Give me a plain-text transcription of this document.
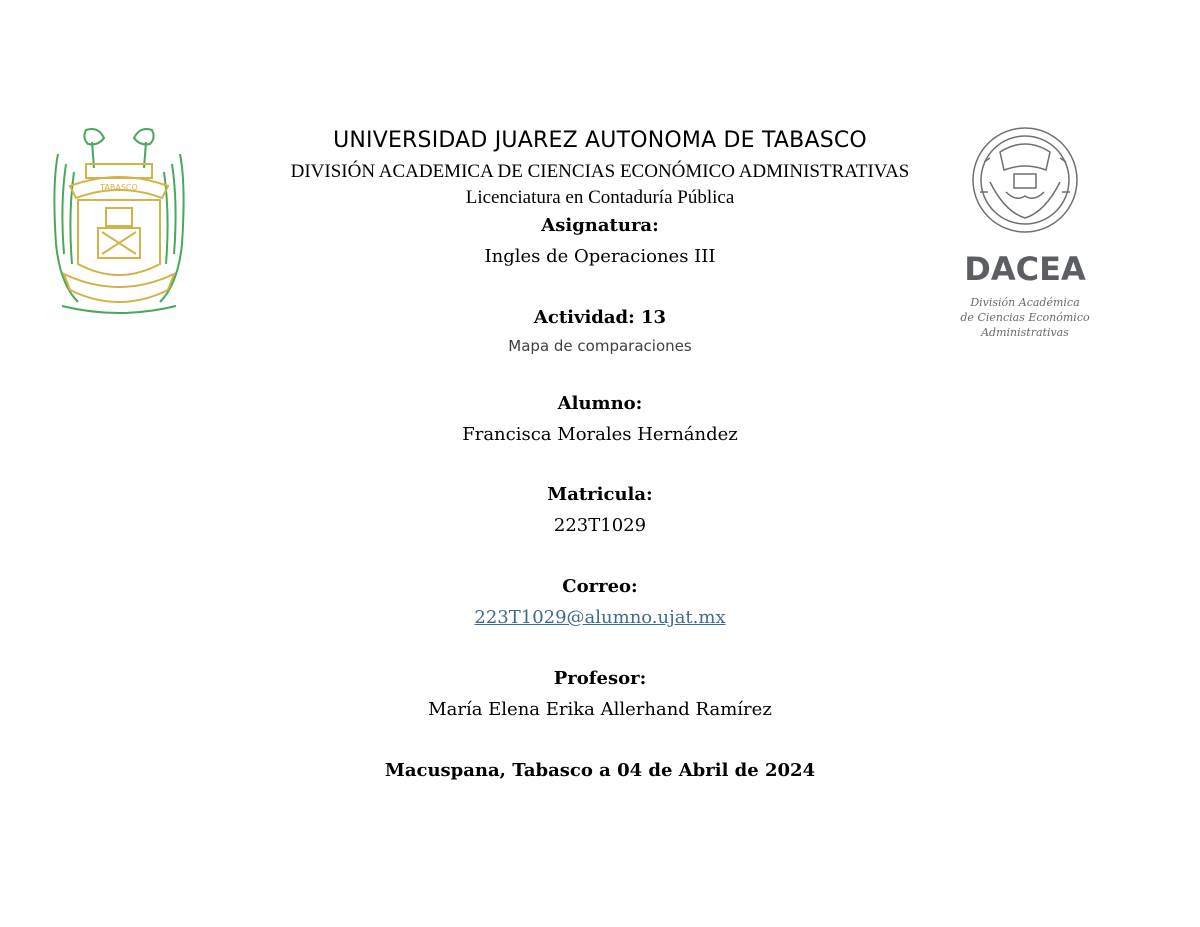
TABASCO
DACEA
División Académica
de Ciencias Económico
Administrativas
UNIVERSIDAD JUAREZ AUTONOMA DE TABASCO
DIVISIÓN ACADEMICA DE CIENCIAS ECONÓMICO ADMINISTRATIVAS
Licenciatura en Contaduría Pública
Asignatura:
Ingles de Operaciones III
Actividad: 13
Mapa de comparaciones
Alumno:
Francisca Morales Hernández
Matricula:
223T1029
Correo:
223T1029@alumno.ujat.mx
Profesor:
María Elena Erika Allerhand Ramírez
Macuspana, Tabasco a 04 de Abril de 2024
